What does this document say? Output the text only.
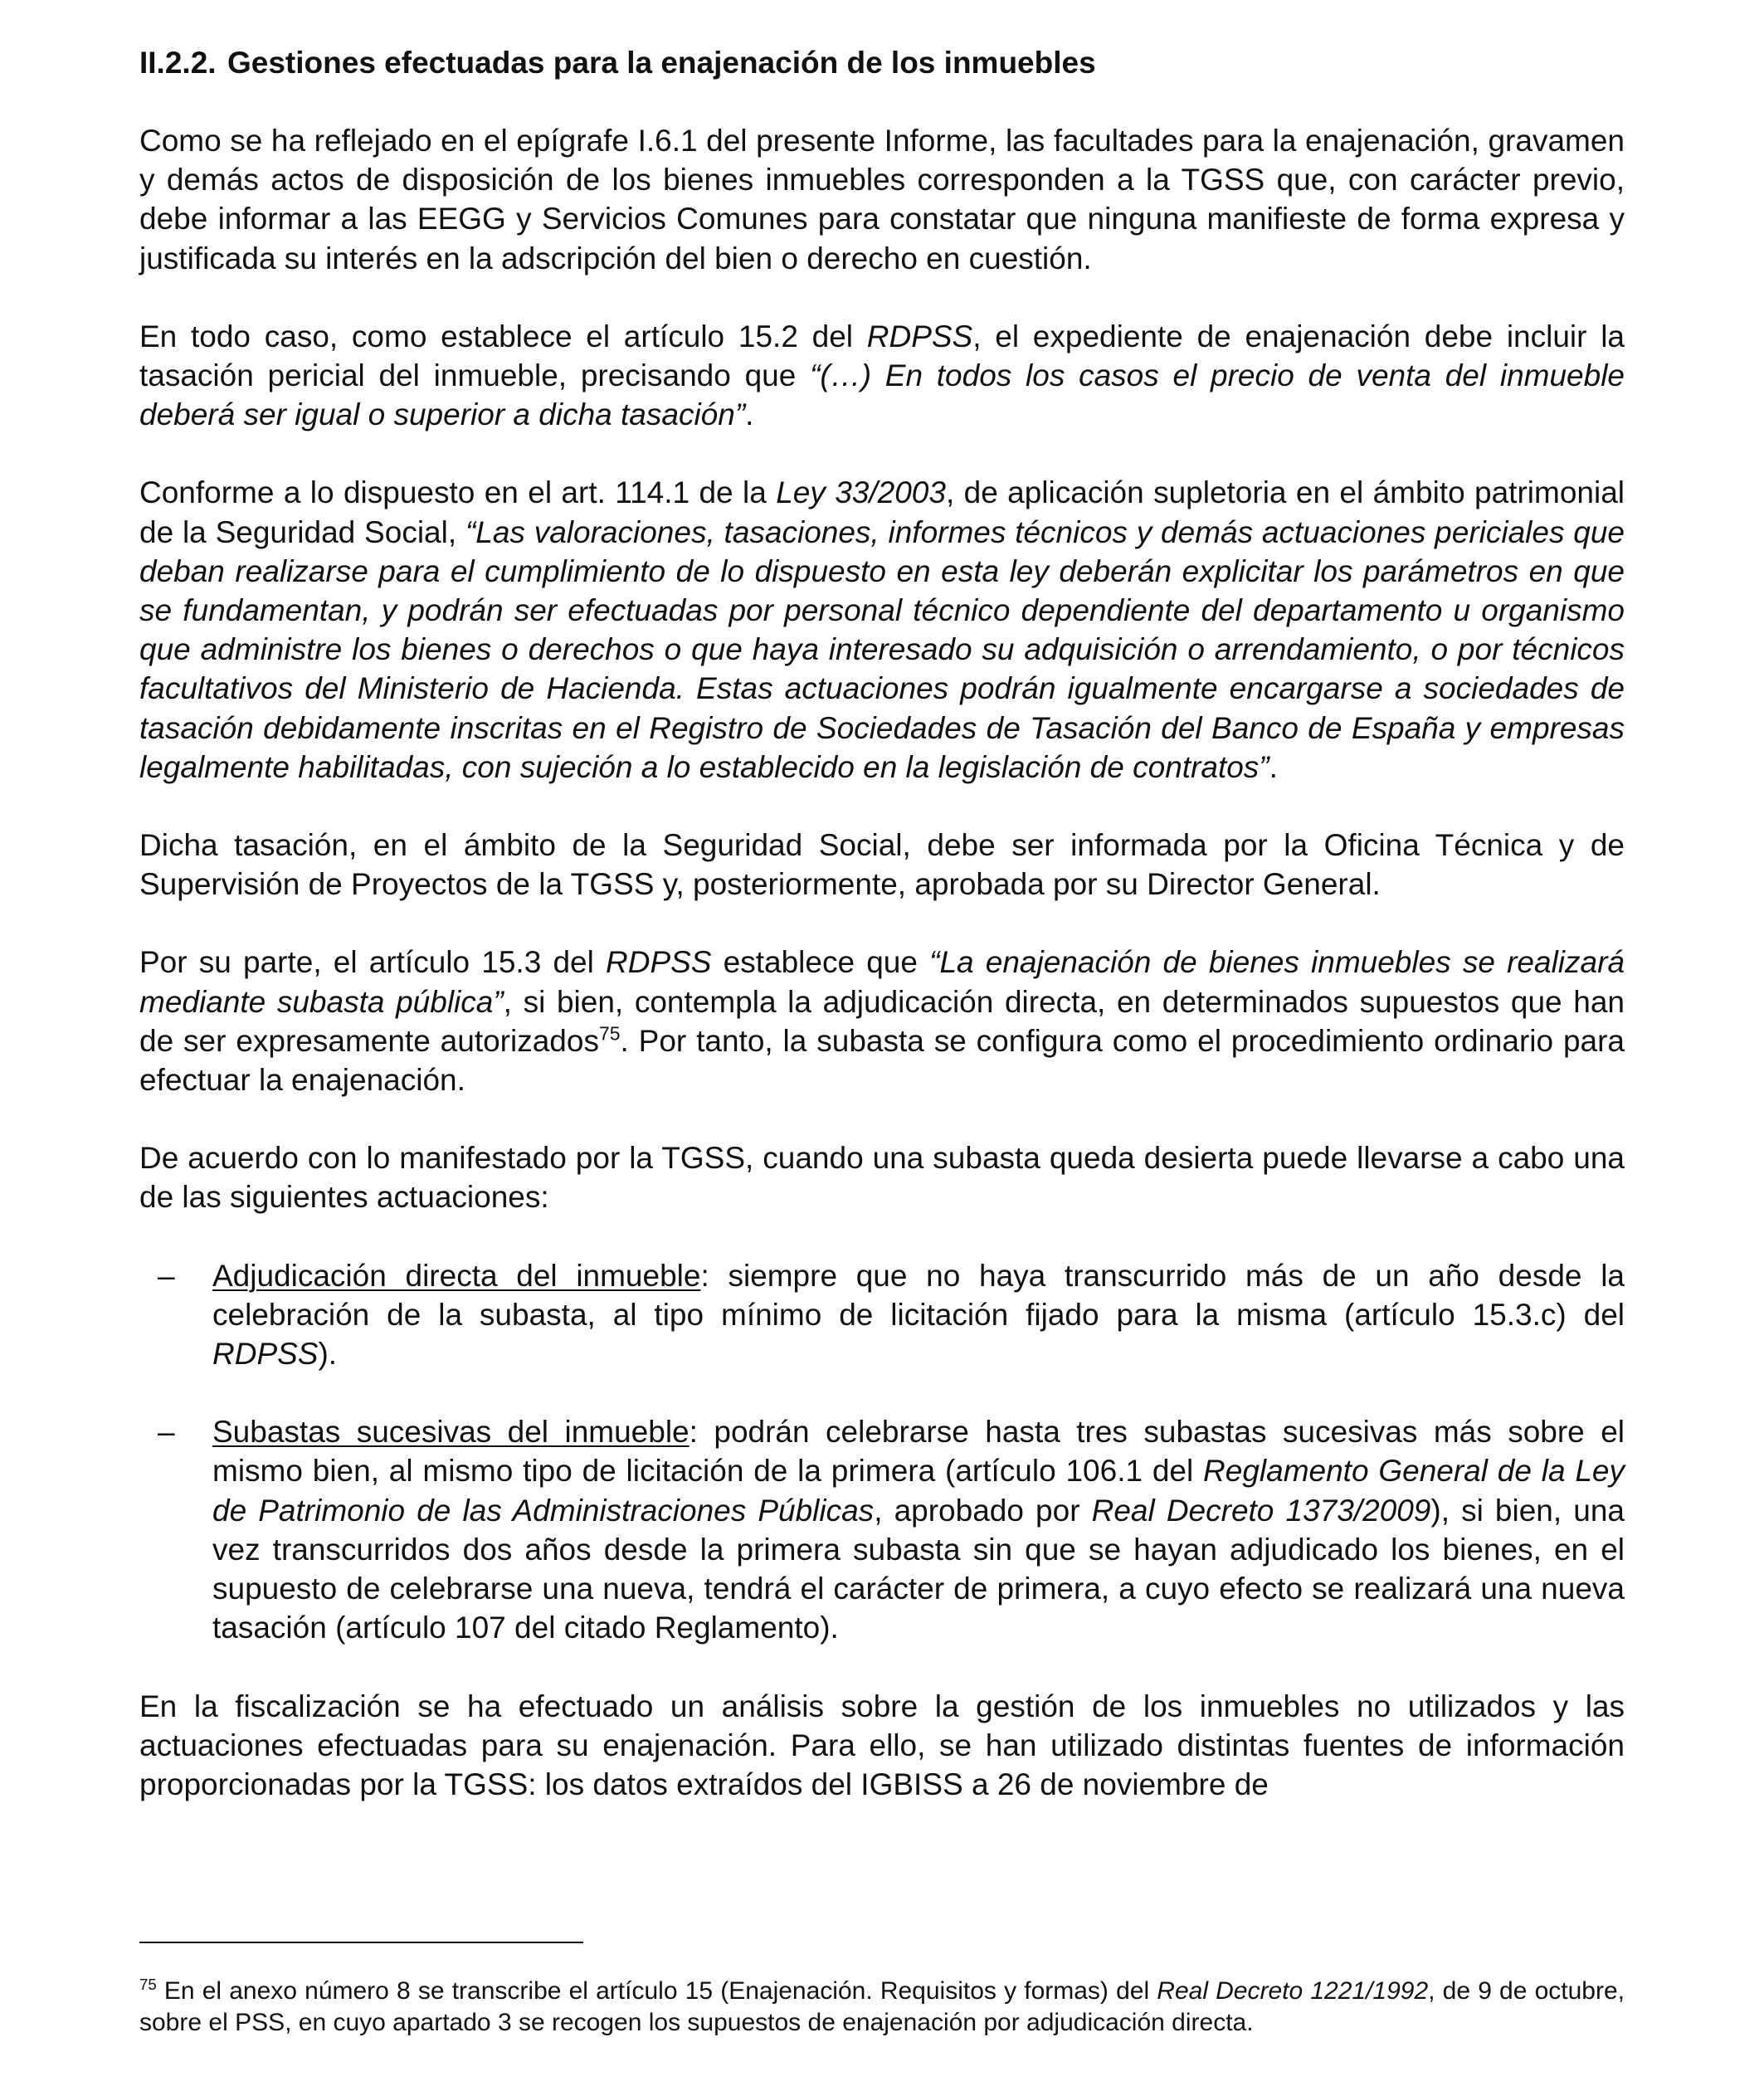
II.2.2. Gestiones efectuadas para la enajenación de los inmuebles

Como se ha reflejado en el epígrafe I.6.1 del presente Informe, las facultades para la enajenación, gravamen y demás actos de disposición de los bienes inmuebles corresponden a la TGSS que, con carácter previo, debe informar a las EEGG y Servicios Comunes para constatar que ninguna manifieste de forma expresa y justificada su interés en la adscripción del bien o derecho en cuestión.

En todo caso, como establece el artículo 15.2 del RDPSS, el expediente de enajenación debe incluir la tasación pericial del inmueble, precisando que “(…) En todos los casos el precio de venta del inmueble deberá ser igual o superior a dicha tasación”.

Conforme a lo dispuesto en el art. 114.1 de la Ley 33/2003, de aplicación supletoria en el ámbito patrimonial de la Seguridad Social, “Las valoraciones, tasaciones, informes técnicos y demás actuaciones periciales que deban realizarse para el cumplimiento de lo dispuesto en esta ley deberán explicitar los parámetros en que se fundamentan, y podrán ser efectuadas por personal técnico dependiente del departamento u organismo que administre los bienes o derechos o que haya interesado su adquisición o arrendamiento, o por técnicos facultativos del Ministerio de Hacienda. Estas actuaciones podrán igualmente encargarse a sociedades de tasación debidamente inscritas en el Registro de Sociedades de Tasación del Banco de España y empresas legalmente habilitadas, con sujeción a lo establecido en la legislación de contratos”.

Dicha tasación, en el ámbito de la Seguridad Social, debe ser informada por la Oficina Técnica y de Supervisión de Proyectos de la TGSS y, posteriormente, aprobada por su Director General.

Por su parte, el artículo 15.3 del RDPSS establece que “La enajenación de bienes inmuebles se realizará mediante subasta pública”, si bien, contempla la adjudicación directa, en determinados supuestos que han de ser expresamente autorizados$^{75}$. Por tanto, la subasta se configura como el procedimiento ordinario para efectuar la enajenación.

De acuerdo con lo manifestado por la TGSS, cuando una subasta queda desierta puede llevarse a cabo una de las siguientes actuaciones:

– Adjudicación directa del inmueble: siempre que no haya transcurrido más de un año desde la celebración de la subasta, al tipo mínimo de licitación fijado para la misma (artículo 15.3.c) del RDPSS).
– Subastas sucesivas del inmueble: podrán celebrarse hasta tres subastas sucesivas más sobre el mismo bien, al mismo tipo de licitación de la primera (artículo 106.1 del Reglamento General de la Ley de Patrimonio de las Administraciones Públicas, aprobado por Real Decreto 1373/2009), si bien, una vez transcurridos dos años desde la primera subasta sin que se hayan adjudicado los bienes, en el supuesto de celebrarse una nueva, tendrá el carácter de primera, a cuyo efecto se realizará una nueva tasación (artículo 107 del citado Reglamento).

En la fiscalización se ha efectuado un análisis sobre la gestión de los inmuebles no utilizados y las actuaciones efectuadas para su enajenación. Para ello, se han utilizado distintas fuentes de información proporcionadas por la TGSS: los datos extraídos del IGBISS a 26 de noviembre de

$^{75}$ En el anexo número 8 se transcribe el artículo 15 (Enajenación. Requisitos y formas) del Real Decreto 1221/1992, de 9 de octubre, sobre el PSS, en cuyo apartado 3 se recogen los supuestos de enajenación por adjudicación directa.
